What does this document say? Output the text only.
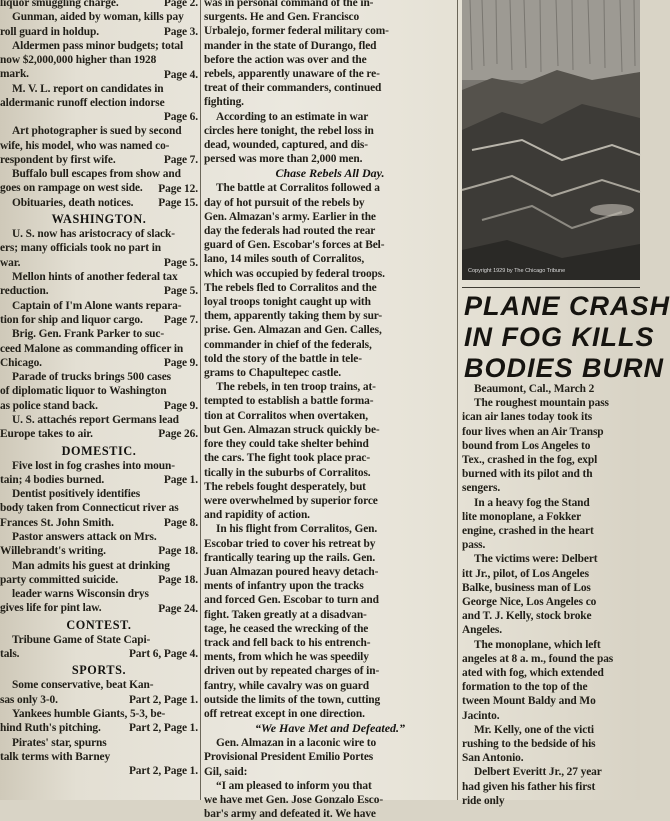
liquor smuggling charge.	Page 2.
Gunman, aided by woman, kills pay
roll guard in holdup.	Page 3.
Aldermen pass minor budgets; total
now $2,000,000 higher than 1928
mark.	Page 4.
M. V. L. report on candidates in
aldermanic runoff election indorse
Page 6.
Art photographer is sued by second
wife, his model, who was named co-
respondent by first wife.	Page 7.
Buffalo bull escapes from show and
goes on rampage on west side.	Page 12.
Obituaries, death notices.	Page 15.
WASHINGTON.
U. S. now has aristocracy of slack-
ers; many officials took no part in
war.	Page 5.
Mellon hints of another federal tax
reduction.	Page 5.
Captain of I'm Alone wants repara-
tion for ship and liquor cargo.	Page 7.
Brig. Gen. Frank Parker to suc-
ceed Malone as commanding officer in
Chicago.	Page 9.
Parade of trucks brings 500 cases
of diplomatic liquor to Washington
as police stand back.	Page 9.
U. S. attachés report Germans lead
Europe takes to air.	Page 26.
DOMESTIC.
Five lost in fog crashes into moun-
tain; 4 bodies burned.	Page 1.
Dentist positively identifies
body taken from Connecticut river as
Frances St. John Smith.	Page 8.
Pastor answers attack on Mrs.
Willebrandt's writing.	Page 18.
Man admits his guest at drinking
party committed suicide.	Page 18.
leader warns Wisconsin drys
gives life for pint law.	Page 24.
CONTEST.
Tribune Game of State Capi-
tals.	Part 6, Page 4.
SPORTS.
Some conservative, beat Kan-
sas only 3-0.	Part 2, Page 1.
Yankees humble Giants, 5-3, be-
hind Ruth's pitching.	Part 2, Page 1.
Pirates' star, spurns
talk terms with Barney
Part 2, Page 1.
was in personal command of the in-
surgents. He and Gen. Francisco
Urbalejo, former federal military com-
mander in the state of Durango, fled
before the action was over and the
rebels, apparently unaware of the re-
treat of their commanders, continued
fighting.
According to an estimate in war
circles here tonight, the rebel loss in
dead, wounded, captured, and dis-
persed was more than 2,000 men.
Chase Rebels All Day.
The battle at Corralitos followed a
day of hot pursuit of the rebels by
Gen. Almazan's army. Earlier in the
day the federals had routed the rear
guard of Gen. Escobar's forces at Bel-
lano, 14 miles south of Corralitos,
which was occupied by federal troops.
The rebels fled to Corralitos and the
loyal troops tonight caught up with
them, apparently taking them by sur-
prise. Gen. Almazan and Gen. Calles,
commander in chief of the federals,
told the story of the battle in tele-
grams to Chapultepec castle.
The rebels, in ten troop trains, at-
tempted to establish a battle forma-
tion at Corralitos when overtaken,
but Gen. Almazan struck quickly be-
fore they could take shelter behind
the cars. The fight took place prac-
tically in the suburbs of Corralitos.
The rebels fought desperately, but
were overwhelmed by superior force
and rapidity of action.
In his flight from Corralitos, Gen.
Escobar tried to cover his retreat by
frantically tearing up the rails. Gen.
Juan Almazan poured heavy detach-
ments of infantry upon the tracks
and forced Gen. Escobar to turn and
fight. Taken greatly at a disadvan-
tage, he ceased the wrecking of the
track and fell back to his entrench-
ments, from which he was speedily
driven out by repeated charges of in-
fantry, while cavalry was on guard
outside the limits of the town, cutting
off retreat except in one direction.
“We Have Met and Defeated.”
Gen. Almazan in a laconic wire to
Provisional President Emilio Portes
Gil, said:
“I am pleased to inform you that
we have met Gen. Jose Gonzalo Esco-
bar's army and defeated it. We have
Copyright 1929 by The Chicago Tribune
PLANE CRASH
IN FOG KILLS
BODIES BURN
Beaumont, Cal., March 2
The roughest mountain pass
ican air lanes today took its
four lives when an Air Transp
bound from Los Angeles to
Tex., crashed in the fog, expl
burned with its pilot and th
sengers.
In a heavy fog the Stand
lite monoplane, a Fokker
engine, crashed in the heart
pass.
The victims were: Delbert
itt Jr., pilot, of Los Angeles
Balke, business man of Los
George Nice, Los Angeles co
and T. J. Kelly, stock broke
Angeles.
The monoplane, which left
angeles at 8 a. m., found the pas
ated with fog, which extended
formation to the top of the
tween Mount Baldy and Mo
Jacinto.
Mr. Kelly, one of the victi
rushing to the bedside of his
San Antonio.
Delbert Everitt Jr., 27 year
had given his father his first
ride only
